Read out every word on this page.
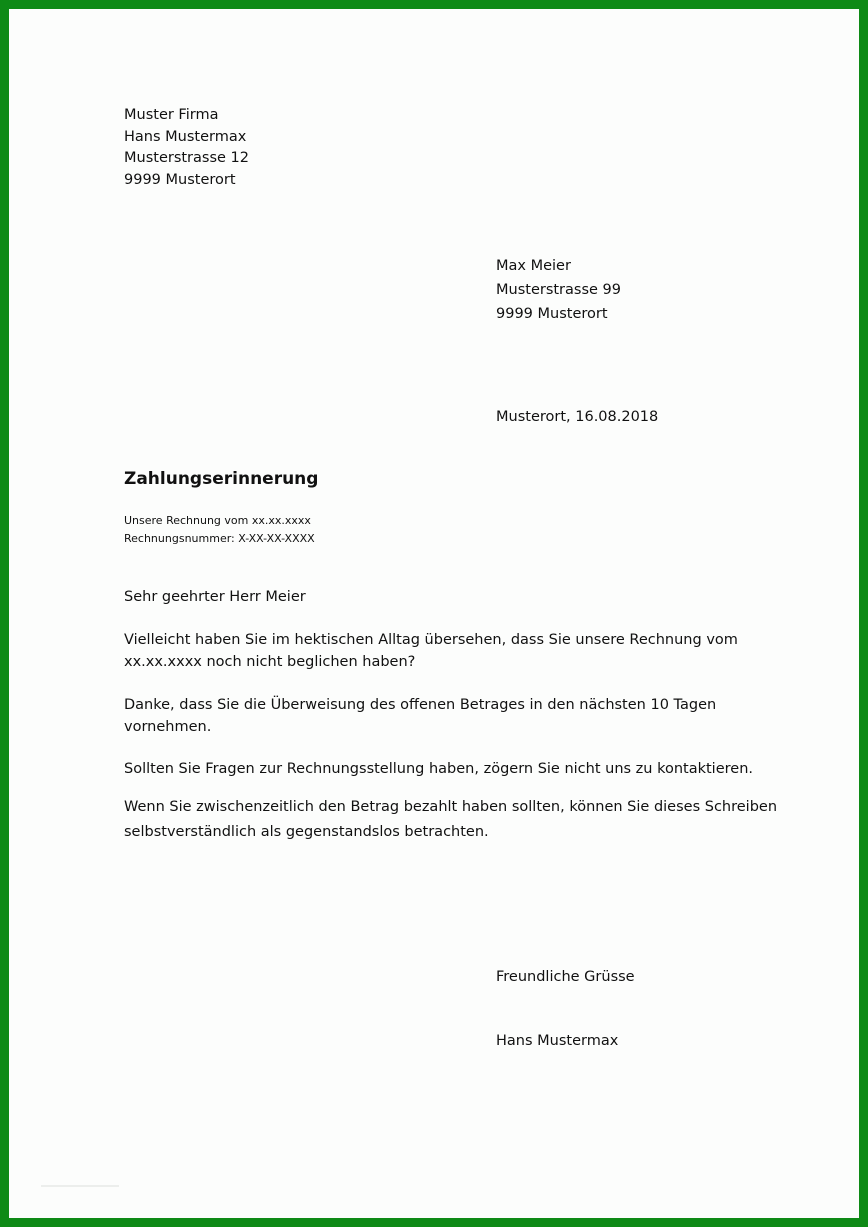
Muster Firma
Hans Mustermax
Musterstrasse 12
9999 Musterort
Max Meier
Musterstrasse 99
9999 Musterort
Musterort, 16.08.2018
Zahlungserinnerung
Unsere Rechnung vom xx.xx.xxxx
Rechnungsnummer: X-XX-XX-XXXX
Sehr geehrter Herr Meier
Vielleicht haben Sie im hektischen Alltag übersehen, dass Sie unsere Rechnung vom xx.xx.xxxx noch nicht beglichen haben?
Danke, dass Sie die Überweisung des offenen Betrages in den nächsten 10 Tagen vornehmen.
Sollten Sie Fragen zur Rechnungsstellung haben, zögern Sie nicht uns zu kontaktieren.
Wenn Sie zwischenzeitlich den Betrag bezahlt haben sollten, können Sie dieses Schreiben selbstverständlich als gegenstandslos betrachten.
Freundliche Grüsse
Hans Mustermax
